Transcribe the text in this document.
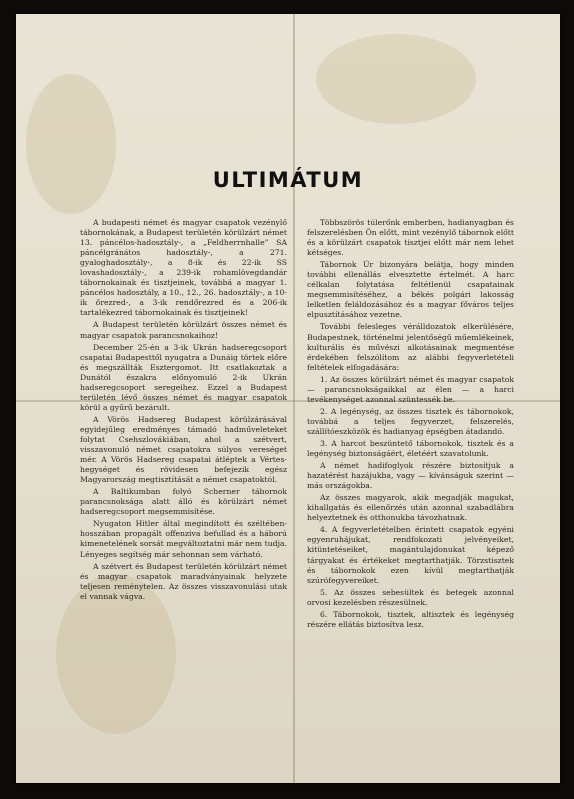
ULTIMÁTUM

A budapesti német és magyar csapatok vezénylő tábornokának, a Budapest területén körülzárt német 13. páncélos-hadosztály-, a „Feldherrnhalle” SA páncélgránátos hadosztály-, a 271. gyaloghadosztály-, a 8-ik és 22-ik SS lovashadosztály-, a 239-ik rohamlövegdandár tábornokainak és tisztjeinek, továbbá a magyar 1. páncélos hadosztály, a 10., 12., 26. hadosztály-, a 10-ik őrezred-, a 3-ik rendőrezred és a 206-ik tartalékezred tábornokainak és tisztjeinek!

A Budapest területén körülzárt összes német és magyar csapatok parancsnokaihoz!

December 25-én a 3-ik Ukrán hadseregcsoport csapatai Budapesttől nyugatra a Dunáig törtek előre és megszállták Esztergomot. Itt csatlakoztak a Dunától északra előnyomuló 2-ik Ukrán hadseregcsoport seregeihez. Ezzel a Budapest területén lévő összes német és magyar csapatok körül a gyűrű bezárult.

A Vörös Hadsereg Budapest körülzárásával egyidejűleg eredményes támadó hadműveleteket folytat Csehszlovákiában, ahol a szétvert, visszavonuló német csapatokra súlyos vereséget mér. A Vörös Hadsereg csapatai átléptek a Vértes-hegységet és rövidesen befejezik egész Magyarország megtisztítását a német csapatoktól.

A Baltikumban folyó Scherner tábornok parancsnoksága alatt álló és körülzárt német hadseregcsoport megsemmisítése.

Nyugaton Hitler által megindított és széltében-hosszában propagált offenziva befullad és a háború kimenetelének sorsát megváltoztatni már nem tudja. Lényeges segítség már sehonnan sem várható.

A szétvert és Budapest területén körülzárt német és magyar csapatok maradványainak helyzete teljesen reménytelen. Az összes visszavonulási utak el vannak vágva.

Többszörös túlerőnk emberben, hadianyagban és felszerelésben Ön előtt, mint vezénylő tábornok előtt és a körülzárt csapatok tisztjei előtt már nem lehet kétséges.

Tábornok Úr bizonyára belátja, hogy minden további ellenállás elvesztette értelmét. A harc célkalan folytatása feltétlenül csapatainak megsemmisítéséhez, a békés polgári lakosság lelketlen feláldozásához és a magyar főváros teljes elpusztításához vezetne.

További felesleges vérálldozatok elkerülésére, Budapestnek, történelmi jelentőségű műemlékeinek, kulturális és művészi alkotásainak megmentése érdekében felszólítom az alábbi fegyverletételi feltételek elfogadására:

1. Az összes körülzárt német és magyar csapatok — parancsnokságaikkal az élen — a harci tevékenységet azonnal szüntessék be.

2. A legénység, az összes tisztek és tábornokok, továbbá a teljes fegyverzet, felszerelés, szállítóeszközök és hadianyag épségben átadandó.

3. A harcot beszüntető tábornokok, tisztek és a legénység biztonságáért, életéért szavatolunk.

A német hadifoglyok részére biztosítjuk a hazatérést hazájukba, vagy — kívánságuk szerint — más országokba.

Az összes magyarok, akik megadják magukat, kihallgatás és ellenőrzés után azonnal szabadlábra helyeztetnek és otthonukba távozhatnak.

4. A fegyverletételben érintett csapatok egyéni egyenruhájukat, rendfokozati jelvényeiket, kitüntetéseiket, magántulajdonukat képező tárgyakat és értékeket megtarthatják. Törzstisztek és tábornokok ezen kívül megtarthatják szúrófegyvereiket.

5. Az összes sebesültek és betegek azonnal orvosi kezelésben részesülnek.

6. Tábornokok, tisztek, altisztek és legénység részére ellátás biztosítva lesz.
